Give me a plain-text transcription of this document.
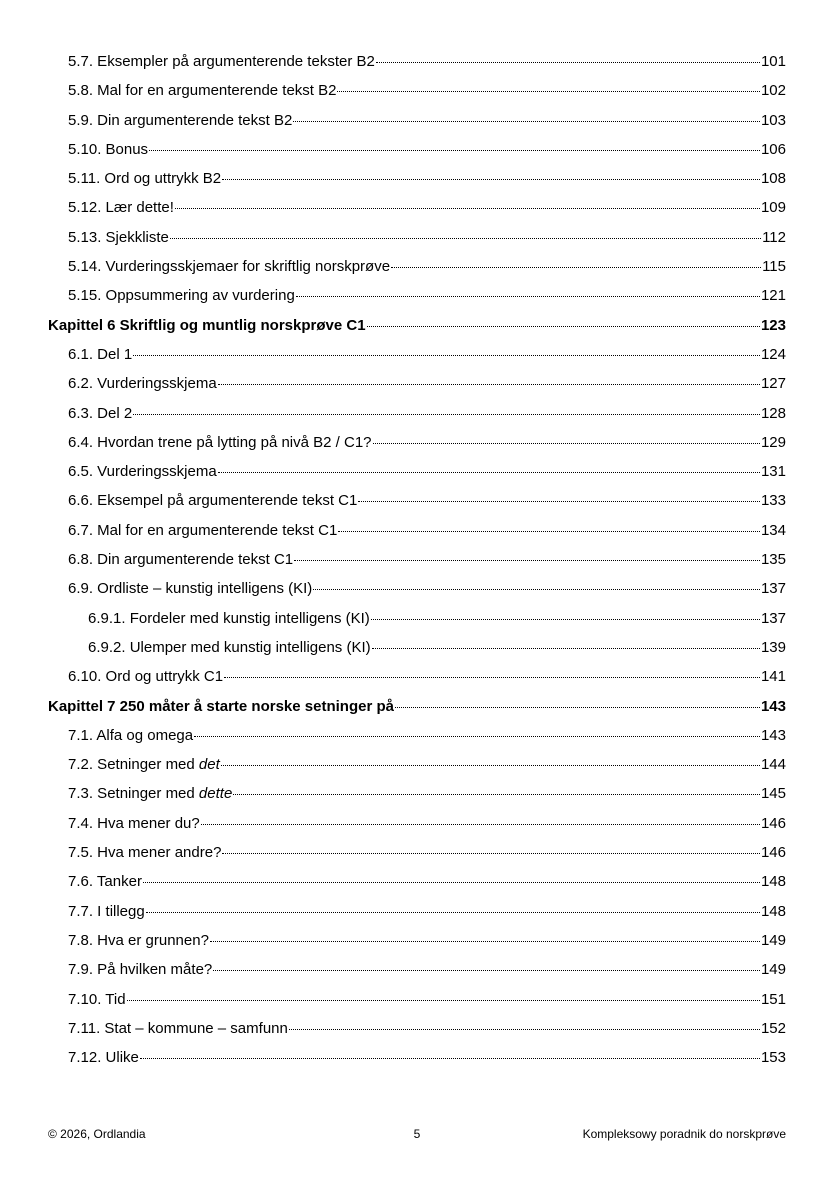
5.7. Eksempler på argumenterende tekster B2	101
5.8. Mal for en argumenterende tekst B2	102
5.9. Din argumenterende tekst B2	103
5.10. Bonus	106
5.11. Ord og uttrykk B2	108
5.12. Lær dette!	109
5.13. Sjekkliste	112
5.14. Vurderingsskjemaer for skriftlig norskprøve	115
5.15. Oppsummering av vurdering	121
Kapittel 6 Skriftlig og muntlig norskprøve C1	123
6.1. Del 1	124
6.2. Vurderingsskjema	127
6.3. Del 2	128
6.4. Hvordan trene på lytting på nivå B2 / C1?	129
6.5. Vurderingsskjema	131
6.6. Eksempel på argumenterende tekst C1	133
6.7. Mal for en argumenterende tekst C1	134
6.8. Din argumenterende tekst C1	135
6.9. Ordliste – kunstig intelligens (KI)	137
6.9.1. Fordeler med kunstig intelligens (KI)	137
6.9.2. Ulemper med kunstig intelligens (KI)	139
6.10. Ord og uttrykk C1	141
Kapittel 7 250 måter å starte norske setninger på	143
7.1. Alfa og omega	143
7.2. Setninger med det	144
7.3. Setninger med dette	145
7.4. Hva mener du?	146
7.5. Hva mener andre?	146
7.6. Tanker	148
7.7. I tillegg	148
7.8. Hva er grunnen?	149
7.9. På hvilken måte?	149
7.10. Tid	151
7.11. Stat – kommune – samfunn	152
7.12. Ulike	153
© 2026, Ordlandia	5	Kompleksowy poradnik do norskprøve
